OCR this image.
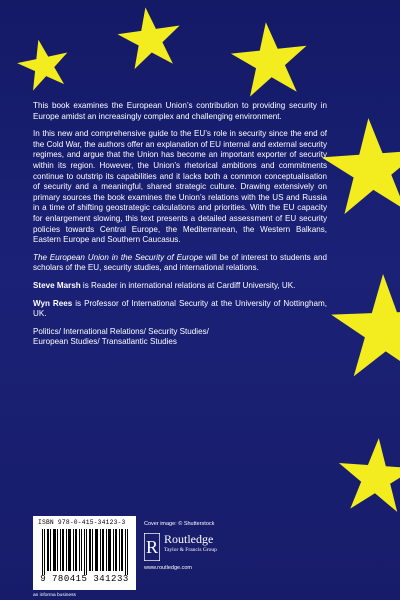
This book examines the European Union’s contribution to providing security in Europe amidst an increasingly complex and challenging environment.

In this new and comprehensive guide to the EU’s role in security since the end of the Cold War, the authors offer an explanation of EU internal and external security regimes, and argue that the Union has become an important exporter of security within its region. However, the Union’s rhetorical ambitions and commitments continue to outstrip its capabilities and it lacks both a common conceptualisation of security and a meaningful, shared strategic culture. Drawing extensively on primary sources the book examines the Union’s relations with the US and Russia in a time of shifting geostrategic calculations and priorities. With the EU capacity for enlargement slowing, this text presents a detailed assessment of EU security policies towards Central Europe, the Mediterranean, the Western Balkans, Eastern Europe and Southern Caucasus.

The European Union in the Security of Europe will be of interest to students and scholars of the EU, security studies, and international relations.

Steve Marsh is Reader in international relations at Cardiff University, UK.

Wyn Rees is Professor of International Security at the University of Nottingham, UK.

Politics/ International Relations/ Security Studies/
European Studies/ Transatlantic Studies

ISBN 978-0-415-34123-3
9 780415 341233
Cover image: © Shutterstock
R Routledge
Taylor & Francis Group
www.routledge.com
an informa business
